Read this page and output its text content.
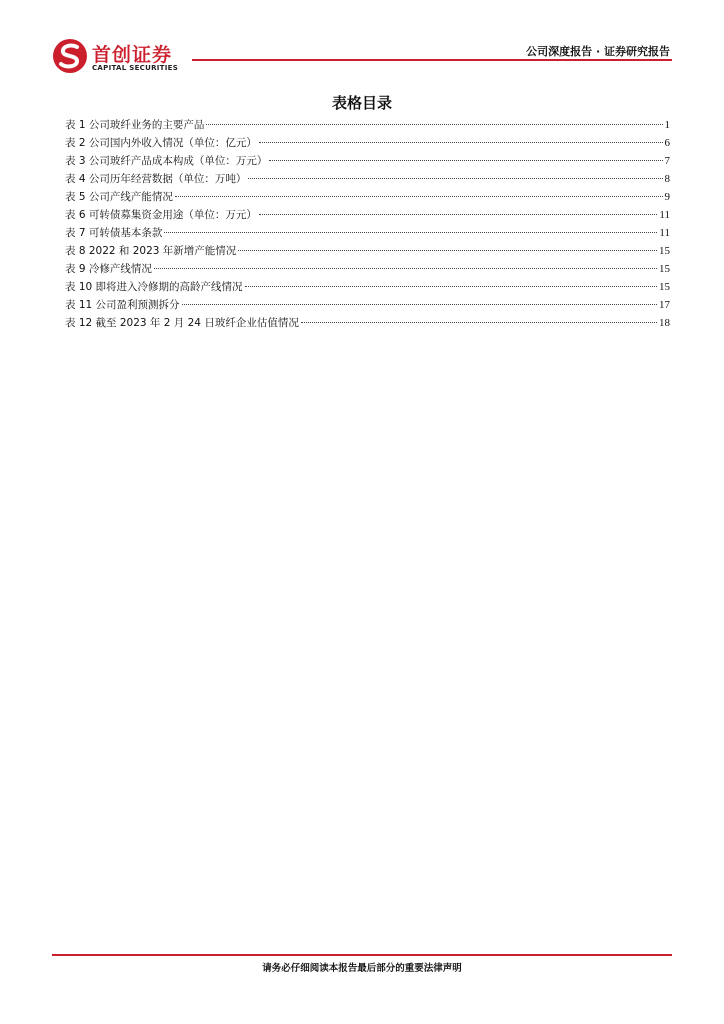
首创证券
CAPITAL SECURITIES
公司深度报告 · 证券研究报告
表格目录
表 1 公司玻纤业务的主要产品	1
表 2 公司国内外收入情况（单位：亿元）	6
表 3 公司玻纤产品成本构成（单位：万元）	7
表 4 公司历年经营数据（单位：万吨）	8
表 5 公司产线产能情况	9
表 6 可转债募集资金用途（单位：万元）	11
表 7 可转债基本条款	11
表 8 2022 和 2023 年新增产能情况	15
表 9 冷修产线情况	15
表 10 即将进入冷修期的高龄产线情况	15
表 11 公司盈利预测拆分	17
表 12 截至 2023 年 2 月 24 日玻纤企业估值情况	18
请务必仔细阅读本报告最后部分的重要法律声明
